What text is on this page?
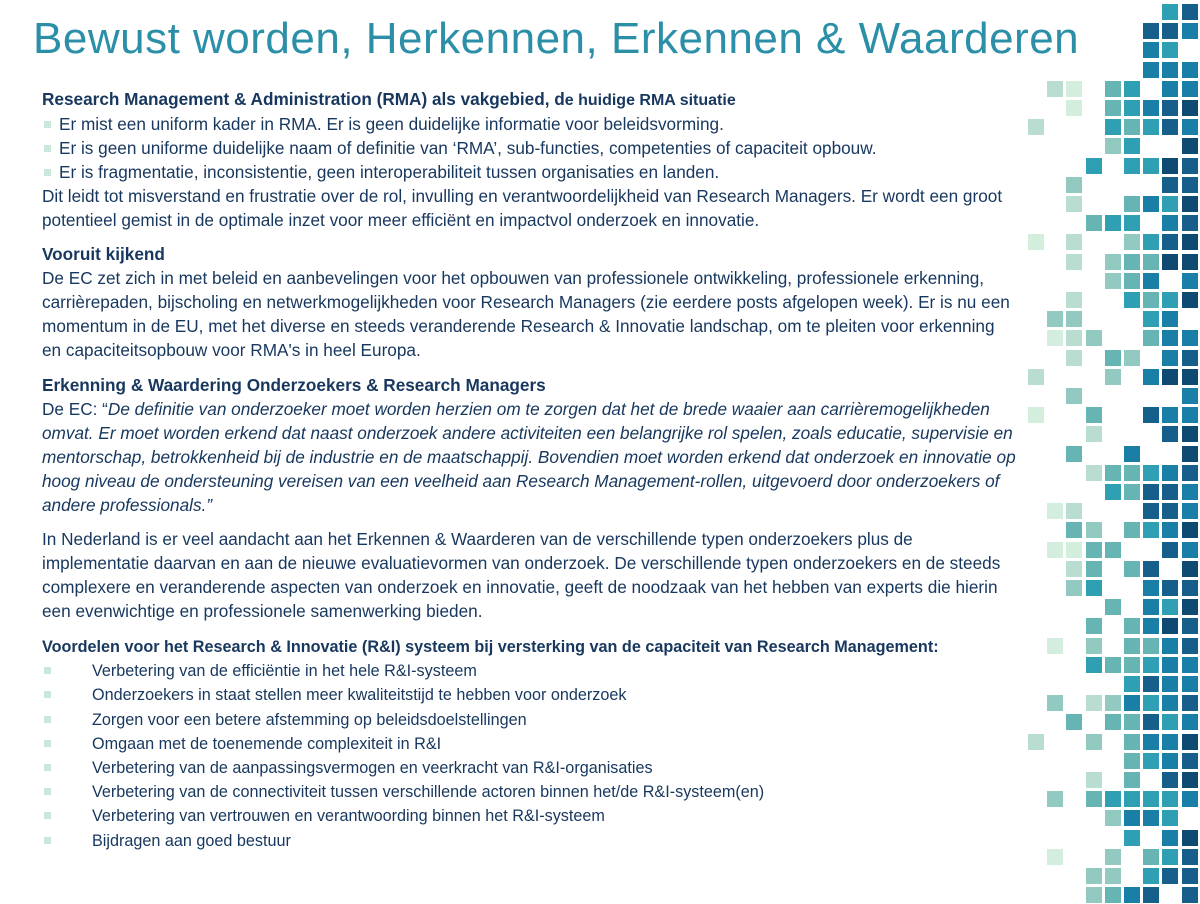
Bewust worden, Herkennen, Erkennen & Waarderen
Research Management & Administration (RMA) als vakgebied, de huidige RMA situatie
Er mist een uniform kader in RMA. Er is geen duidelijke informatie voor beleidsvorming.
Er is geen uniforme duidelijke naam of definitie van ‘RMA’, sub-functies, competenties of capaciteit opbouw.
Er is fragmentatie, inconsistentie, geen interoperabiliteit tussen organisaties en landen.

Dit leidt tot misverstand en frustratie over de rol, invulling en verantwoordelijkheid van Research Managers. Er wordt een groot potentieel gemist in de optimale inzet voor meer efficiënt en impactvol onderzoek en innovatie.

Vooruit kijkend

De EC zet zich in met beleid en aanbevelingen voor het opbouwen van professionele ontwikkeling, professionele erkenning, carrièrepaden, bijscholing en netwerkmogelijkheden voor Research Managers (zie eerdere posts afgelopen week). Er is nu een momentum in de EU, met het diverse en steeds veranderende Research & Innovatie landschap, om te pleiten voor erkenning en capaciteitsopbouw voor RMA's in heel Europa.

Erkenning & Waardering Onderzoekers & Research Managers

De EC: “De definitie van onderzoeker moet worden herzien om te zorgen dat het de brede waaier aan carrièremogelijkheden omvat. Er moet worden erkend dat naast onderzoek andere activiteiten een belangrijke rol spelen, zoals educatie, supervisie en mentorschap, betrokkenheid bij de industrie en de maatschappij. Bovendien moet worden erkend dat onderzoek en innovatie op hoog niveau de ondersteuning vereisen van een veelheid aan Research Management-rollen, uitgevoerd door onderzoekers of andere professionals.”

In Nederland is er veel aandacht aan het Erkennen & Waarderen van de verschillende typen onderzoekers plus de implementatie daarvan en aan de nieuwe evaluatievormen van onderzoek. De verschillende typen onderzoekers en de steeds complexere en veranderende aspecten van onderzoek en innovatie, geeft de noodzaak van het hebben van experts die hierin een evenwichtige en professionele samenwerking bieden.

Voordelen voor het Research & Innovatie (R&I) systeem bij versterking van de capaciteit van Research Management:
Verbetering van de efficiëntie in het hele R&I-systeem
Onderzoekers in staat stellen meer kwaliteitstijd te hebben voor onderzoek
Zorgen voor een betere afstemming op beleidsdoelstellingen
Omgaan met de toenemende complexiteit in R&I
Verbetering van de aanpassingsvermogen en veerkracht van R&I-organisaties
Verbetering van de connectiviteit tussen verschillende actoren binnen het/de R&I-systeem(en)
Verbetering van vertrouwen en verantwoording binnen het R&I-systeem
Bijdragen aan goed bestuur
